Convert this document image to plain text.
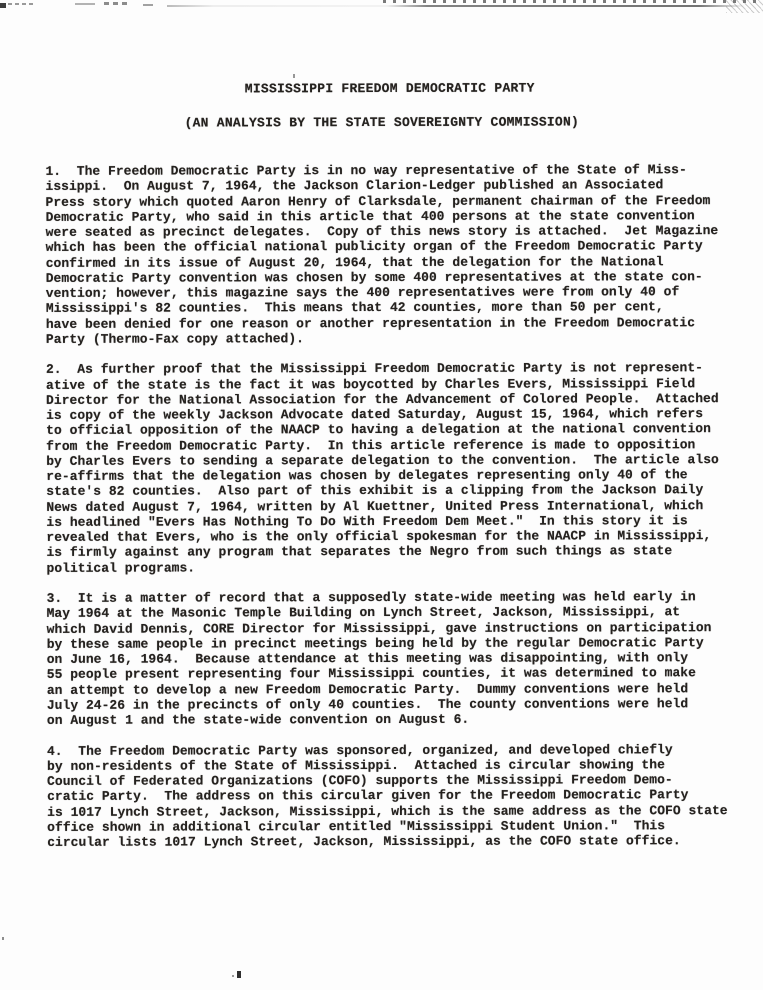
MISSISSIPPI FREEDOM DEMOCRATIC PARTY
(AN ANALYSIS BY THE STATE SOVEREIGNTY COMMISSION)

1.  The Freedom Democratic Party is in no way representative of the State of Miss-
issippi.  On August 7, 1964, the Jackson Clarion-Ledger published an Associated
Press story which quoted Aaron Henry of Clarksdale, permanent chairman of the Freedom
Democratic Party, who said in this article that 400 persons at the state convention
were seated as precinct delegates.  Copy of this news story is attached.  Jet Magazine
which has been the official national publicity organ of the Freedom Democratic Party
confirmed in its issue of August 20, 1964, that the delegation for the National
Democratic Party convention was chosen by some 400 representatives at the state con-
vention; however, this magazine says the 400 representatives were from only 40 of
Mississippi's 82 counties.  This means that 42 counties, more than 50 per cent,
have been denied for one reason or another representation in the Freedom Democratic
Party (Thermo-Fax copy attached).

2.  As further proof that the Mississippi Freedom Democratic Party is not represent-
ative of the state is the fact it was boycotted by Charles Evers, Mississippi Field
Director for the National Association for the Advancement of Colored People.  Attached
is copy of the weekly Jackson Advocate dated Saturday, August 15, 1964, which refers
to official opposition of the NAACP to having a delegation at the national convention
from the Freedom Democratic Party.  In this article reference is made to opposition
by Charles Evers to sending a separate delegation to the convention.  The article also
re-affirms that the delegation was chosen by delegates representing only 40 of the
state's 82 counties.  Also part of this exhibit is a clipping from the Jackson Daily
News dated August 7, 1964, written by Al Kuettner, United Press International, which
is headlined "Evers Has Nothing To Do With Freedom Dem Meet."  In this story it is
revealed that Evers, who is the only official spokesman for the NAACP in Mississippi,
is firmly against any program that separates the Negro from such things as state
political programs.

3.  It is a matter of record that a supposedly state-wide meeting was held early in
May 1964 at the Masonic Temple Building on Lynch Street, Jackson, Mississippi, at
which David Dennis, CORE Director for Mississippi, gave instructions on participation
by these same people in precinct meetings being held by the regular Democratic Party
on June 16, 1964.  Because attendance at this meeting was disappointing, with only
55 people present representing four Mississippi counties, it was determined to make
an attempt to develop a new Freedom Democratic Party.  Dummy conventions were held
July 24-26 in the precincts of only 40 counties.  The county conventions were held
on August 1 and the state-wide convention on August 6.

4.  The Freedom Democratic Party was sponsored, organized, and developed chiefly
by non-residents of the State of Mississippi.  Attached is circular showing the
Council of Federated Organizations (COFO) supports the Mississippi Freedom Demo-
cratic Party.  The address on this circular given for the Freedom Democratic Party
is 1017 Lynch Street, Jackson, Mississippi, which is the same address as the COFO state
office shown in additional circular entitled "Mississippi Student Union."  This
circular lists 1017 Lynch Street, Jackson, Mississippi, as the COFO state office.
